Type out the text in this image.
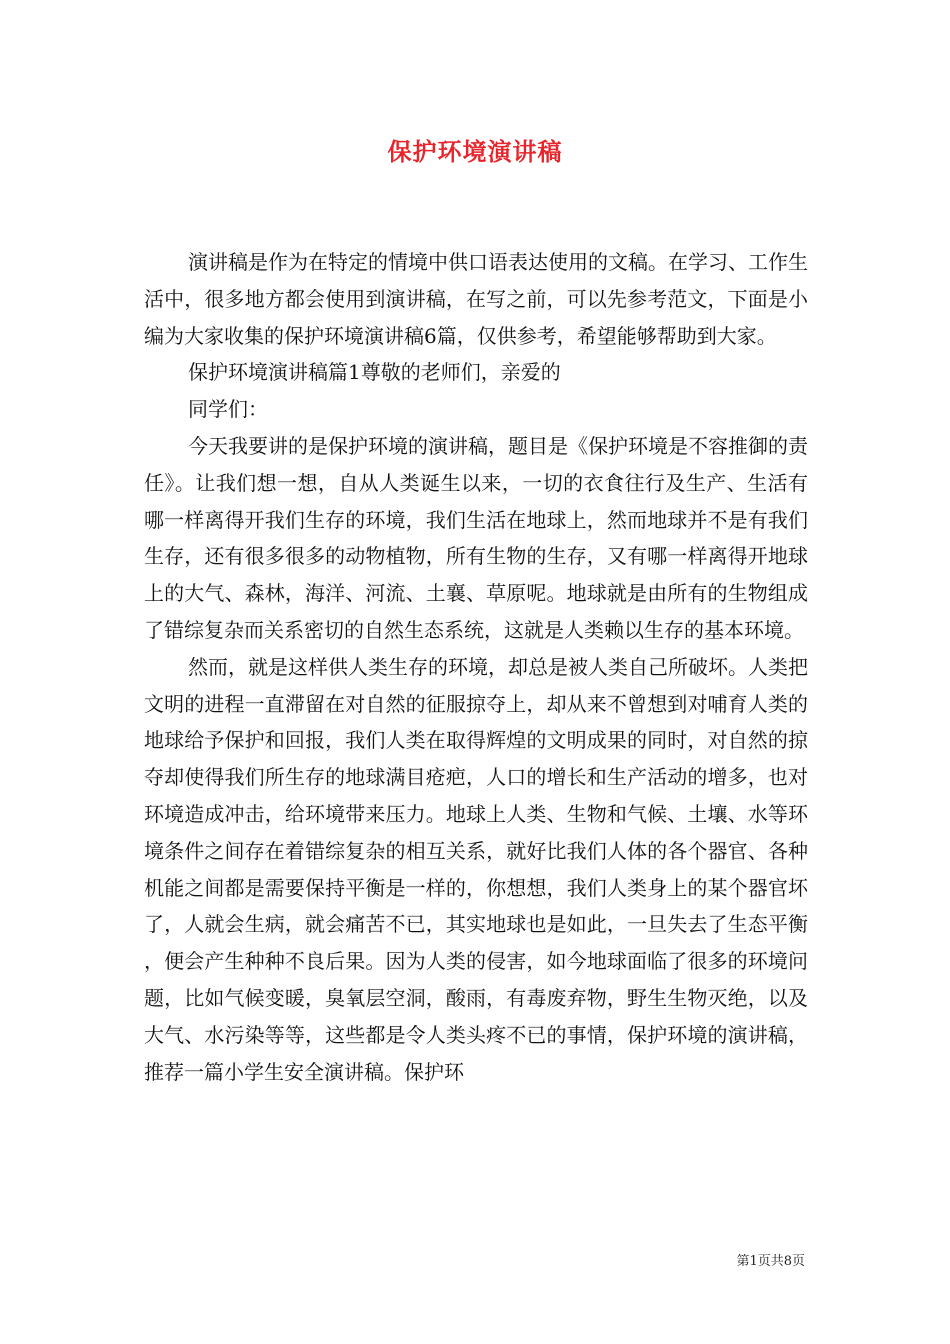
保护环境演讲稿

演讲稿是作为在特定的情境中供口语表达使用的文稿。在学习、工作生活中，很多地方都会使用到演讲稿，在写之前，可以先参考范文，下面是小编为大家收集的保护环境演讲稿6篇，仅供参考，希望能够帮助到大家。

保护环境演讲稿篇1尊敬的老师们，亲爱的

同学们：

今天我要讲的是保护环境的演讲稿，题目是《保护环境是不容推御的责任》。让我们想一想，自从人类诞生以来，一切的衣食往行及生产、生活有哪一样离得开我们生存的环境，我们生活在地球上，然而地球并不是有我们生存，还有很多很多的动物植物，所有生物的生存，又有哪一样离得开地球上的大气、森林，海洋、河流、土襄、草原呢。地球就是由所有的生物组成了错综复杂而关系密切的自然生态系统，这就是人类赖以生存的基本环境。

然而，就是这样供人类生存的环境，却总是被人类自己所破坏。人类把文明的进程一直滞留在对自然的征服掠夺上，却从来不曾想到对哺育人类的地球给予保护和回报，我们人类在取得辉煌的文明成果的同时，对自然的掠夺却使得我们所生存的地球满目疮疤，人口的增长和生产活动的增多，也对环境造成冲击，给环境带来压力。地球上人类、生物和气候、土壤、水等环境条件之间存在着错综复杂的相互关系，就好比我们人体的各个器官、各种机能之间都是需要保持平衡是一样的，你想想，我们人类身上的某个器官坏了，人就会生病，就会痛苦不已，其实地球也是如此，一旦失去了生态平衡，便会产生种种不良后果。因为人类的侵害，如今地球面临了很多的环境问题，比如气候变暖，臭氧层空洞，酸雨，有毒废弃物，野生生物灭绝，以及大气、水污染等等，这些都是令人类头疼不已的事情，保护环境的演讲稿，推荐一篇小学生安全演讲稿。保护环

第1页共8页
